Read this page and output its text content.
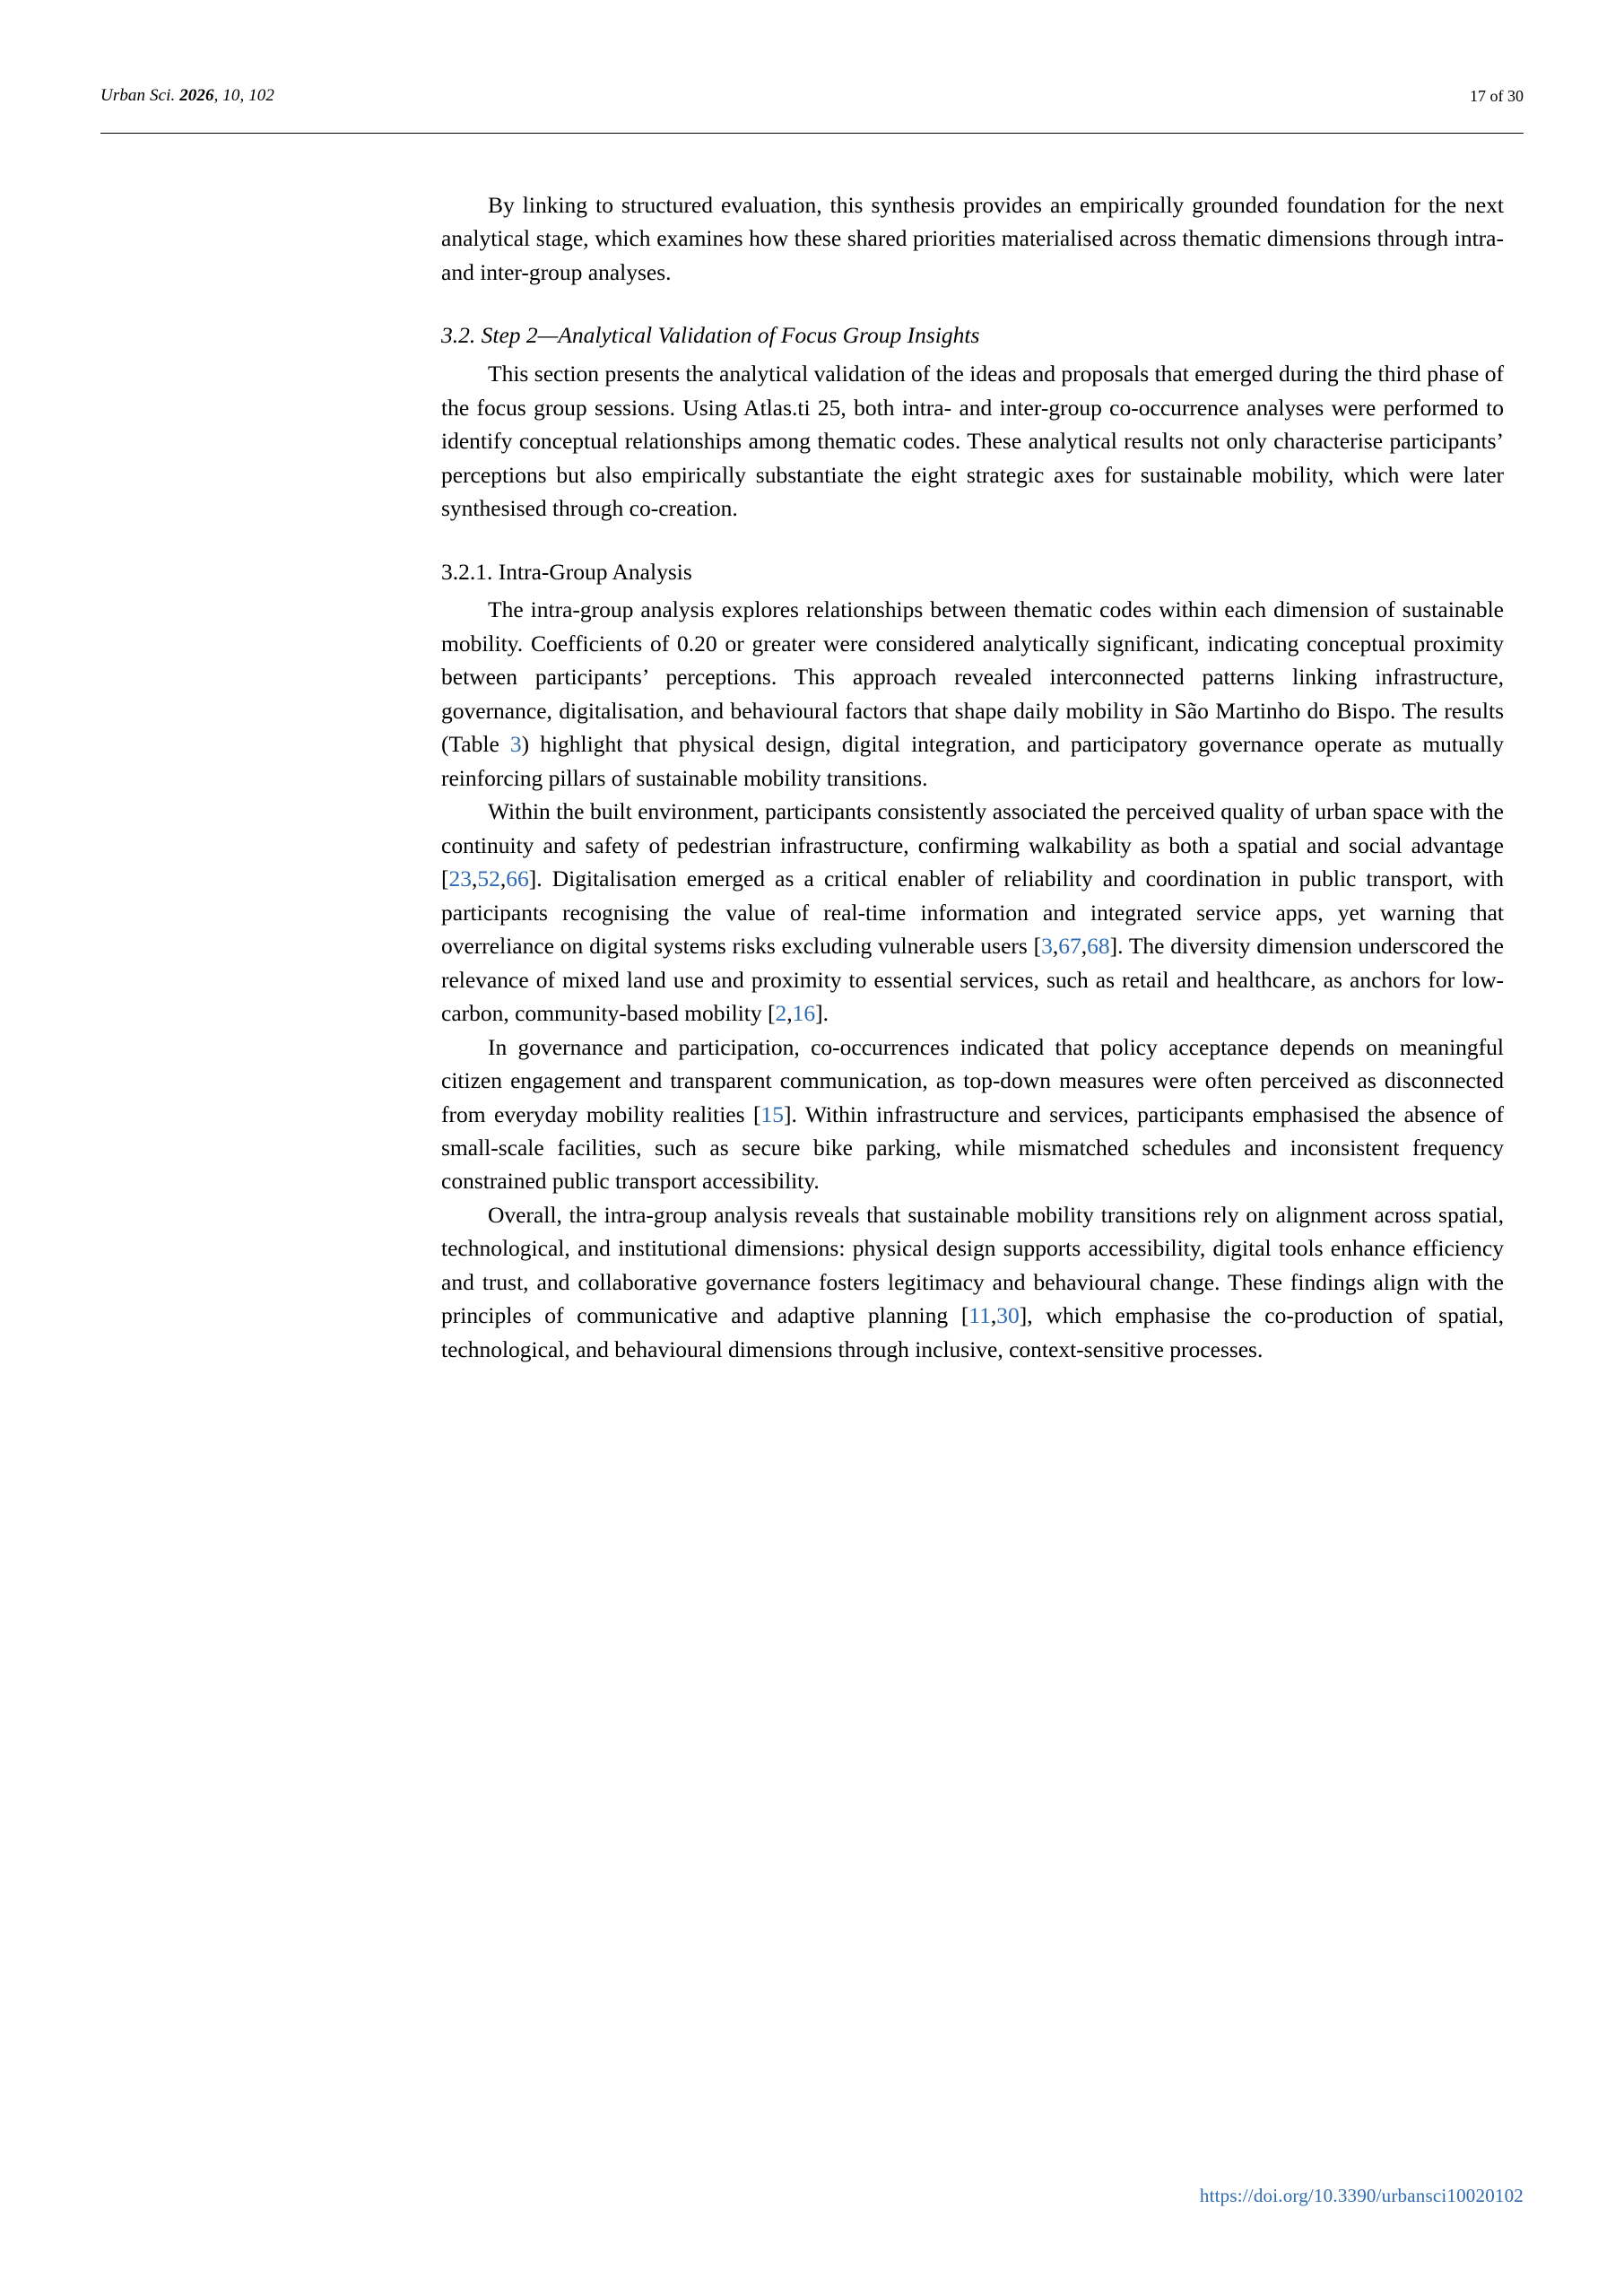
Urban Sci. 2026, 10, 102	17 of 30

By linking to structured evaluation, this synthesis provides an empirically grounded foundation for the next analytical stage, which examines how these shared priorities materialised across thematic dimensions through intra- and inter-group analyses.

3.2. Step 2—Analytical Validation of Focus Group Insights

This section presents the analytical validation of the ideas and proposals that emerged during the third phase of the focus group sessions. Using Atlas.ti 25, both intra- and inter-group co-occurrence analyses were performed to identify conceptual relationships among thematic codes. These analytical results not only characterise participants’ perceptions but also empirically substantiate the eight strategic axes for sustainable mobility, which were later synthesised through co-creation.

3.2.1. Intra-Group Analysis

The intra-group analysis explores relationships between thematic codes within each dimension of sustainable mobility. Coefficients of 0.20 or greater were considered analytically significant, indicating conceptual proximity between participants’ perceptions. This approach revealed interconnected patterns linking infrastructure, governance, digitalisation, and behavioural factors that shape daily mobility in São Martinho do Bispo. The results (Table 3) highlight that physical design, digital integration, and participatory governance operate as mutually reinforcing pillars of sustainable mobility transitions.

Within the built environment, participants consistently associated the perceived quality of urban space with the continuity and safety of pedestrian infrastructure, confirming walkability as both a spatial and social advantage [23,52,66]. Digitalisation emerged as a critical enabler of reliability and coordination in public transport, with participants recognising the value of real-time information and integrated service apps, yet warning that overreliance on digital systems risks excluding vulnerable users [3,67,68]. The diversity dimension underscored the relevance of mixed land use and proximity to essential services, such as retail and healthcare, as anchors for low-carbon, community-based mobility [2,16].

In governance and participation, co-occurrences indicated that policy acceptance depends on meaningful citizen engagement and transparent communication, as top-down measures were often perceived as disconnected from everyday mobility realities [15]. Within infrastructure and services, participants emphasised the absence of small-scale facilities, such as secure bike parking, while mismatched schedules and inconsistent frequency constrained public transport accessibility.

Overall, the intra-group analysis reveals that sustainable mobility transitions rely on alignment across spatial, technological, and institutional dimensions: physical design supports accessibility, digital tools enhance efficiency and trust, and collaborative governance fosters legitimacy and behavioural change. These findings align with the principles of communicative and adaptive planning [11,30], which emphasise the co-production of spatial, technological, and behavioural dimensions through inclusive, context-sensitive processes.

https://doi.org/10.3390/urbansci10020102
